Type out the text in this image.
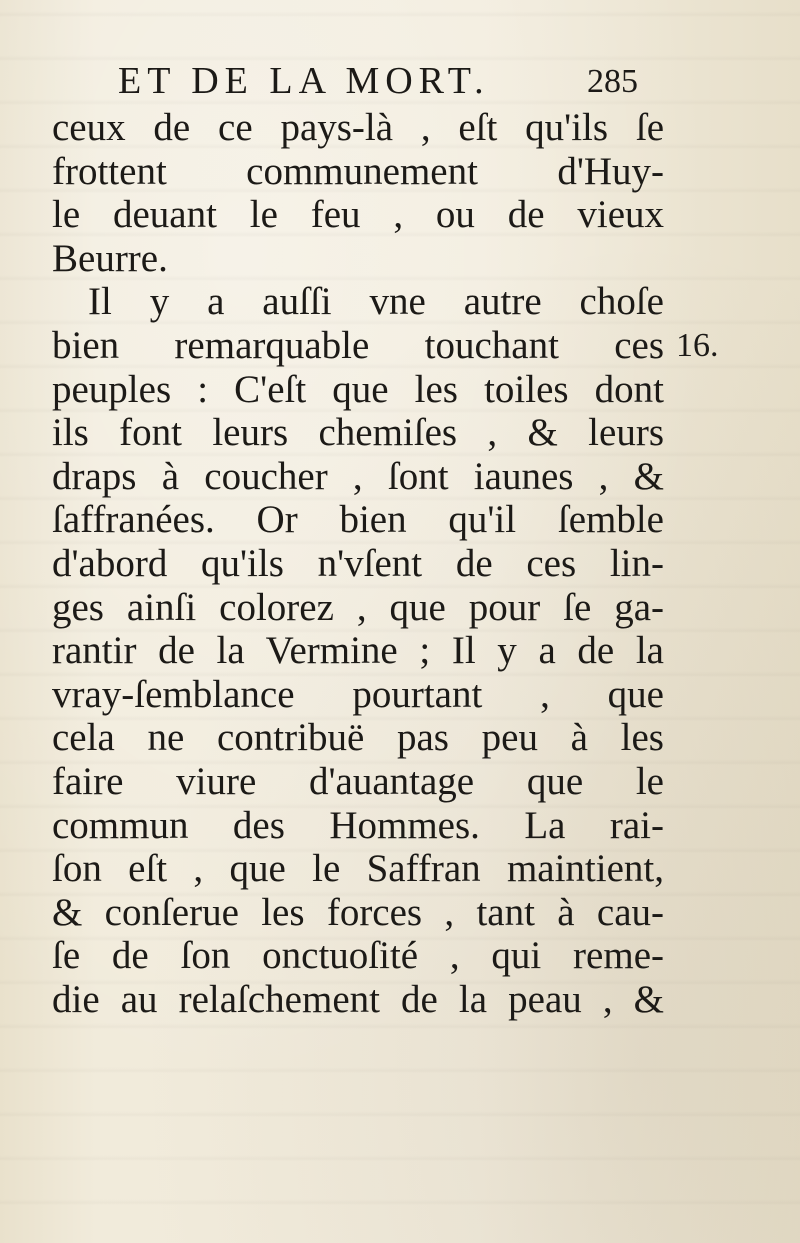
ET DE LA MORT.	285
16.
ceux de ce pays-là , eſt qu'ils ſe
frottent communement d'Huy-
le deuant le feu , ou de vieux
Beurre.
Il y a auſſi vne autre choſe
bien remarquable touchant ces
peuples : C'eſt que les toiles dont
ils font leurs chemiſes , & leurs
draps à coucher , ſont iaunes , &
ſaffranées. Or bien qu'il ſemble
d'abord qu'ils n'vſent de ces lin-
ges ainſi colorez , que pour ſe ga-
rantir de la Vermine ; Il y a de la
vray-ſemblance pourtant , que
cela ne contribuë pas peu à les
faire viure d'auantage que le
commun des Hommes. La rai-
ſon eſt , que le Saffran maintient,
& conſerue les forces , tant à cau-
ſe de ſon onctuoſité , qui reme-
die au relaſchement de la peau , &
